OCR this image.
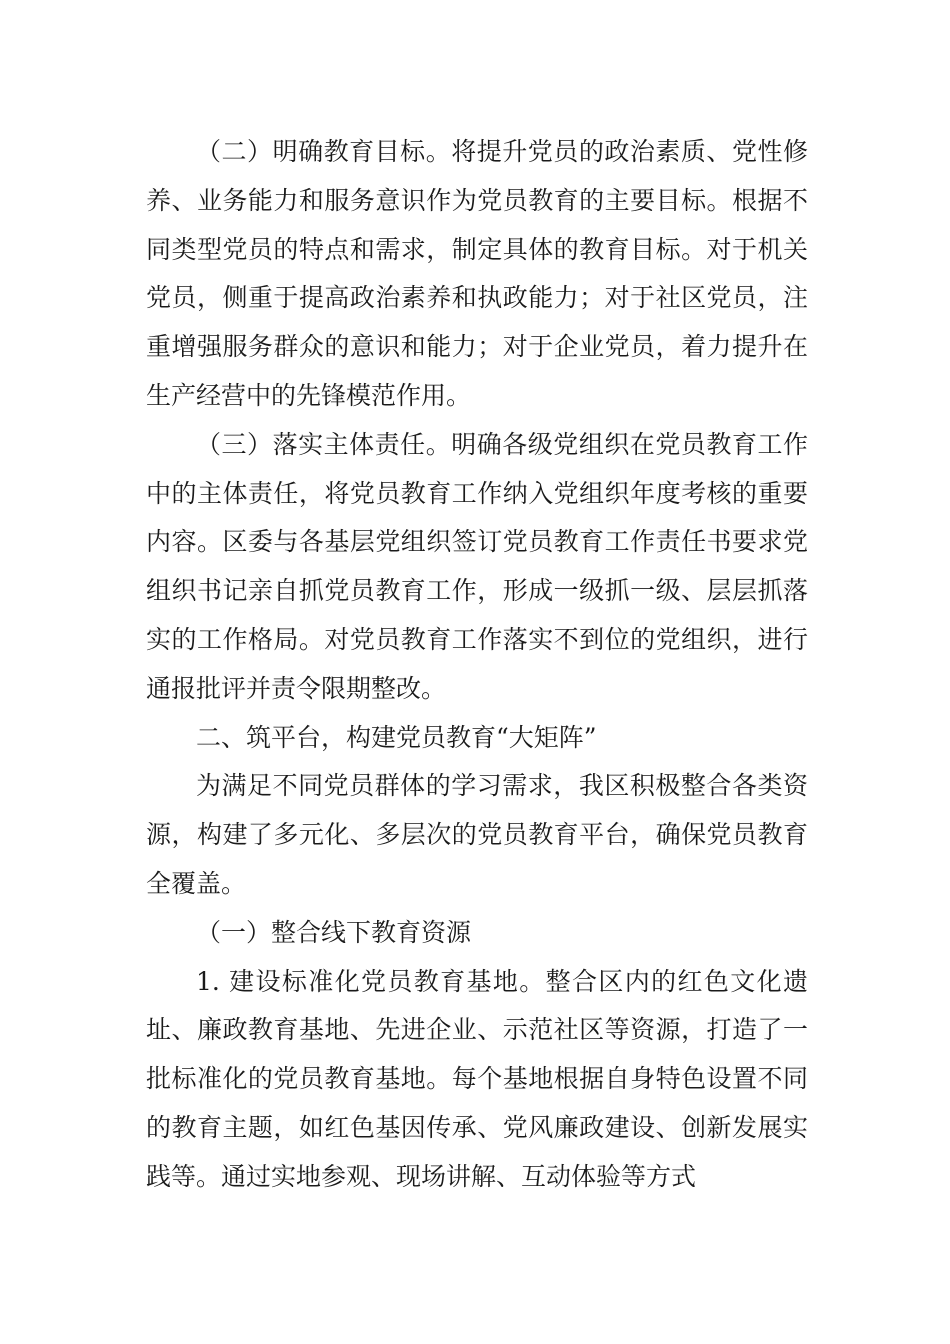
（二）明确教育目标。将提升党员的政治素质、党性修养、业务能力和服务意识作为党员教育的主要目标。根据不同类型党员的特点和需求，制定具体的教育目标。对于机关党员，侧重于提高政治素养和执政能力；对于社区党员，注重增强服务群众的意识和能力；对于企业党员，着力提升在生产经营中的先锋模范作用。

（三）落实主体责任。明确各级党组织在党员教育工作中的主体责任，将党员教育工作纳入党组织年度考核的重要内容。区委与各基层党组织签订党员教育工作责任书要求党组织书记亲自抓党员教育工作，形成一级抓一级、层层抓落实的工作格局。对党员教育工作落实不到位的党组织，进行通报批评并责令限期整改。

二、筑平台，构建党员教育“大矩阵”

为满足不同党员群体的学习需求，我区积极整合各类资源，构建了多元化、多层次的党员教育平台，确保党员教育全覆盖。

（一）整合线下教育资源

1. 建设标准化党员教育基地。整合区内的红色文化遗址、廉政教育基地、先进企业、示范社区等资源，打造了一批标准化的党员教育基地。每个基地根据自身特色设置不同的教育主题，如红色基因传承、党风廉政建设、创新发展实践等。通过实地参观、现场讲解、互动体验等方式
